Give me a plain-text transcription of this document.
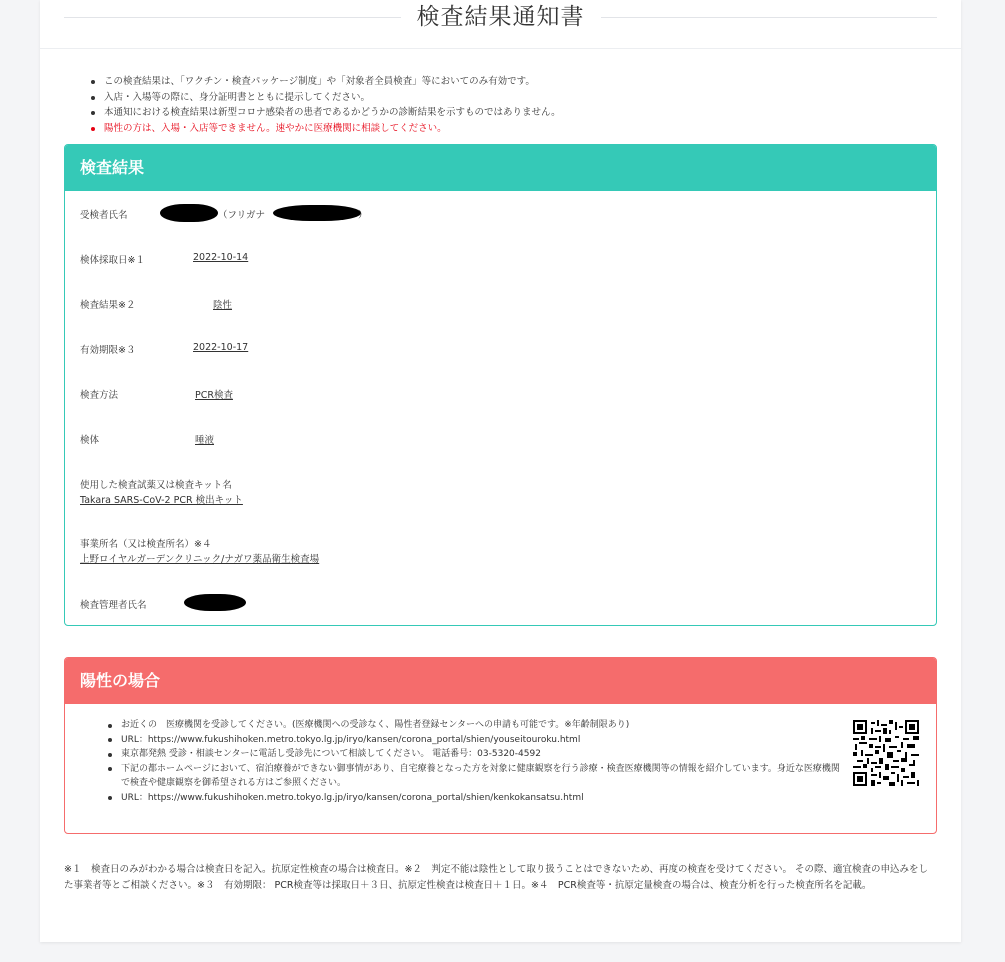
検査結果通知書
この検査結果は、「ワクチン・検査パッケージ制度」や「対象者全員検査」等においてのみ有効です。
入店・入場等の際に、身分証明書とともに提示してください。
本通知における検査結果は新型コロナ感染者の患者であるかどうかの診断結果を示すものではありません。
陽性の方は、入場・入店等できません。速やかに医療機関に相談してください。
検査結果
受検者氏名	（フリガナ	）
検体採取日※１	2022-10-14
検査結果※２	陰性
有効期限※３	2022-10-17
検査方法	PCR検査
検体	唾液
使用した検査試薬又は検査キット名
Takara SARS-CoV-2 PCR 検出キット
事業所名（又は検査所名）※４
上野ロイヤルガーデンクリニック/ナガワ薬品衛生検査場
検査管理者氏名
陽性の場合
お近くの　医療機関を受診してください。(医療機関への受診なく、陽性者登録センターへの申請も可能です。※年齢制限あり)
URL：https://www.fukushihoken.metro.tokyo.lg.jp/iryo/kansen/corona_portal/shien/youseitouroku.html
東京都発熱 受診・相談センターに電話し受診先について相談してください。 電話番号：03-5320-4592
下記の都ホームページにおいて、宿泊療養ができない御事情があり、自宅療養となった方を対象に健康観察を行う診療・検査医療機関等の情報を紹介しています。身近な医療機関で検査や健康観察を御希望される方はご参照ください。
URL：https://www.fukushihoken.metro.tokyo.lg.jp/iryo/kansen/corona_portal/shien/kenkokansatsu.html
※１　検査日のみがわかる場合は検査日を記入。抗原定性検査の場合は検査日。※２　判定不能は陰性として取り扱うことはできないため、再度の検査を受けてください。 その際、適宜検査の申込みをした事業者等とご相談ください。※３　有効期限： PCR検査等は採取日＋３日、抗原定性検査は検査日＋１日。※４　PCR検査等・抗原定量検査の場合は、検査分析を行った検査所名を記載。
